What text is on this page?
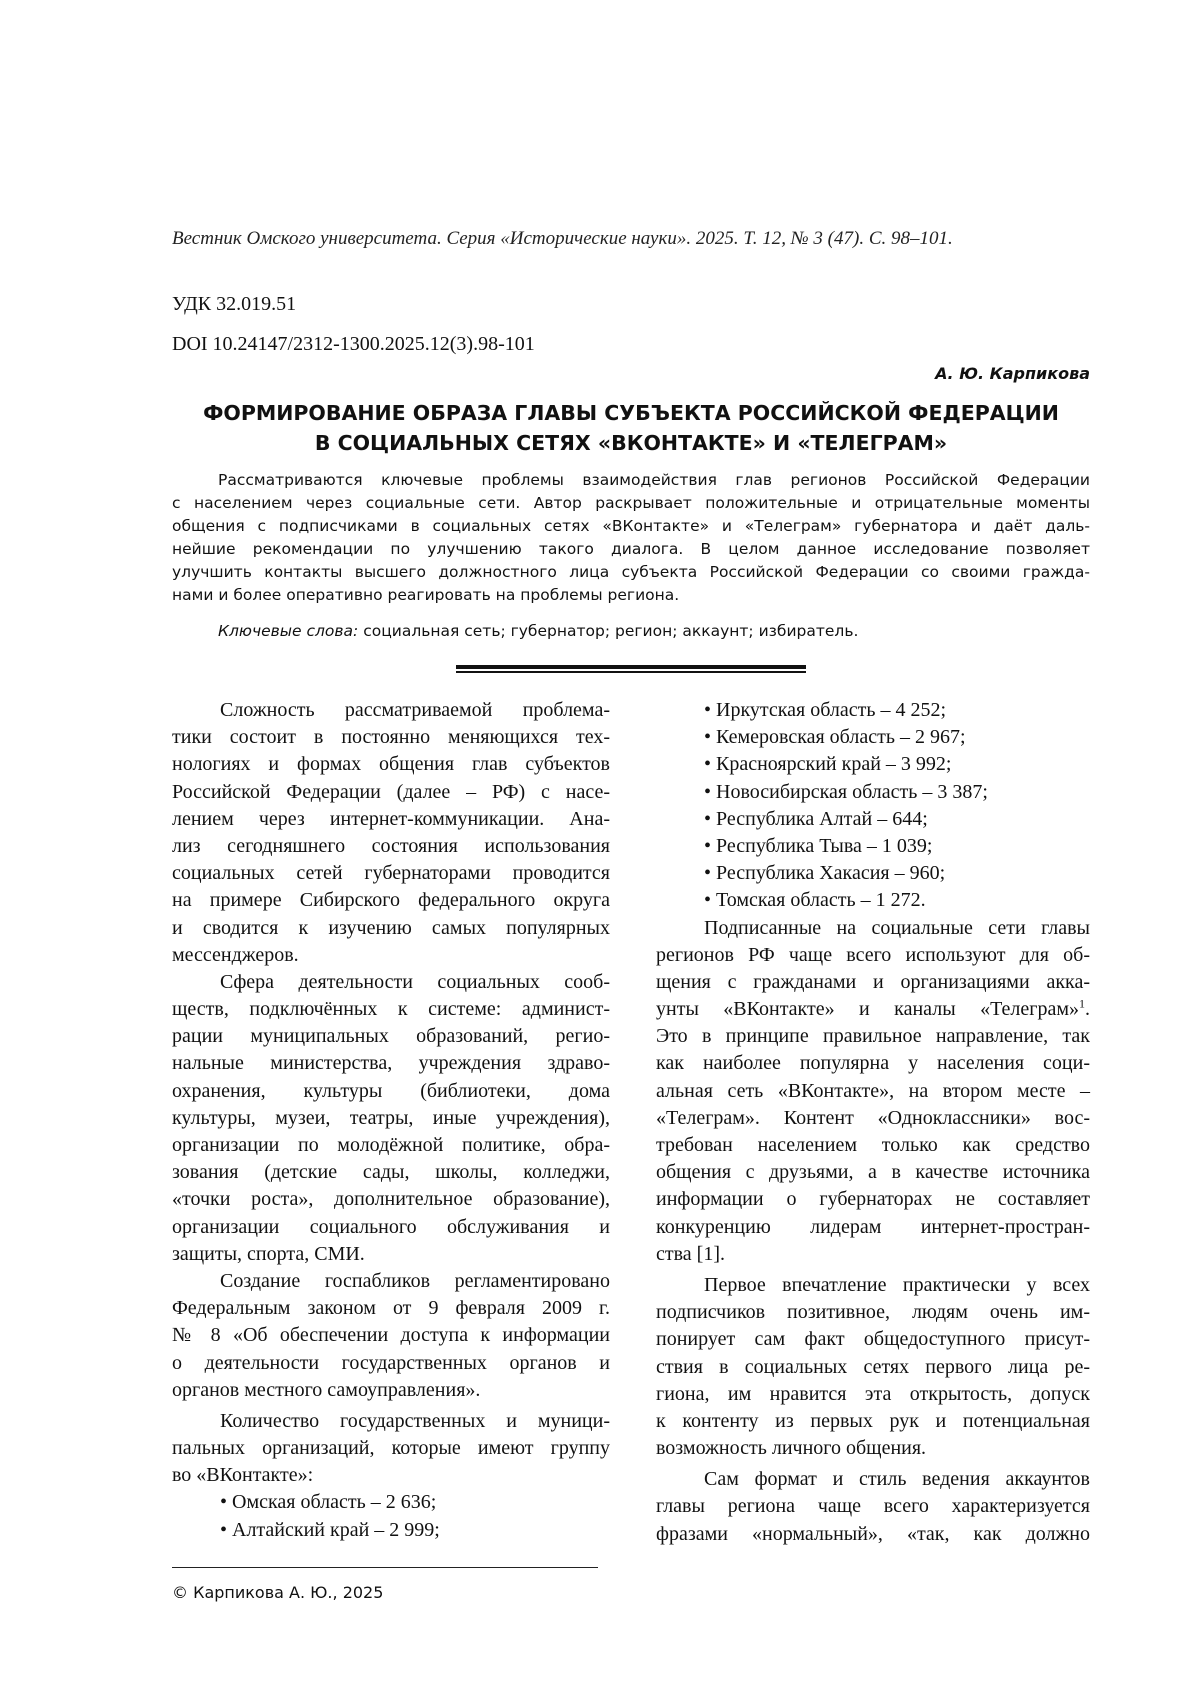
Вестник Омского университета. Серия «Исторические науки». 2025. Т. 12, № 3 (47). С. 98–101.
УДК 32.019.51
DOI 10.24147/2312-1300.2025.12(3).98-101
А. Ю. Карпикова
ФОРМИРОВАНИЕ ОБРАЗА ГЛАВЫ СУБЪЕКТА РОССИЙСКОЙ ФЕДЕРАЦИИ
В СОЦИАЛЬНЫХ СЕТЯХ «ВКОНТАКТЕ» И «ТЕЛЕГРАМ»
Рассматриваются ключевые проблемы взаимодействия глав регионов Российской Федерации
с населением через социальные сети. Автор раскрывает положительные и отрицательные моменты
общения с подписчиками в социальных сетях «ВКонтакте» и «Телеграм» губернатора и даёт даль-
нейшие рекомендации по улучшению такого диалога. В целом данное исследование позволяет
улучшить контакты высшего должностного лица субъекта Российской Федерации со своими гражда-
нами и более оперативно реагировать на проблемы региона.
Ключевые слова: социальная сеть; губернатор; регион; аккаунт; избиратель.
Сложность рассматриваемой проблема-
тики состоит в постоянно меняющихся тех-
нологиях и формах общения глав субъектов
Российской Федерации (далее – РФ) с насе-
лением через интернет-коммуникации. Ана-
лиз сегодняшнего состояния использования
социальных сетей губернаторами проводится
на примере Сибирского федерального округа
и сводится к изучению самых популярных
мессенджеров.
Сфера деятельности социальных сооб-
ществ, подключённых к системе: админист-
рации муниципальных образований, регио-
нальные министерства, учреждения здраво-
охранения, культуры (библиотеки, дома
культуры, музеи, театры, иные учреждения),
организации по молодёжной политике, обра-
зования (детские сады, школы, колледжи,
«точки роста», дополнительное образование),
организации социального обслуживания и
защиты, спорта, СМИ.
Создание госпабликов регламентировано
Федеральным законом от 9 февраля 2009 г.
№ 8 «Об обеспечении доступа к информации
о деятельности государственных органов и
органов местного самоуправления».
Количество государственных и муници-
пальных организаций, которые имеют группу
во «ВКонтакте»:
• Омская область – 2 636;
• Алтайский край – 2 999;
• Иркутская область – 4 252;
• Кемеровская область – 2 967;
• Красноярский край – 3 992;
• Новосибирская область – 3 387;
• Республика Алтай – 644;
• Республика Тыва – 1 039;
• Республика Хакасия – 960;
• Томская область – 1 272.
Подписанные на социальные сети главы
регионов РФ чаще всего используют для об-
щения с гражданами и организациями акка-
унты «ВКонтакте» и каналы «Телеграм»$^1$.
Это в принципе правильное направление, так
как наиболее популярна у населения соци-
альная сеть «ВКонтакте», на втором месте –
«Телеграм». Контент «Одноклассники» вос-
требован населением только как средство
общения с друзьями, а в качестве источника
информации о губернаторах не составляет
конкуренцию лидерам интернет-простран-
ства [1].
Первое впечатление практически у всех
подписчиков позитивное, людям очень им-
понирует сам факт общедоступного присут-
ствия в социальных сетях первого лица ре-
гиона, им нравится эта открытость, допуск
к контенту из первых рук и потенциальная
возможность личного общения.
Сам формат и стиль ведения аккаунтов
главы региона чаще всего характеризуется
фразами «нормальный», «так, как должно
© Карпикова А. Ю., 2025
